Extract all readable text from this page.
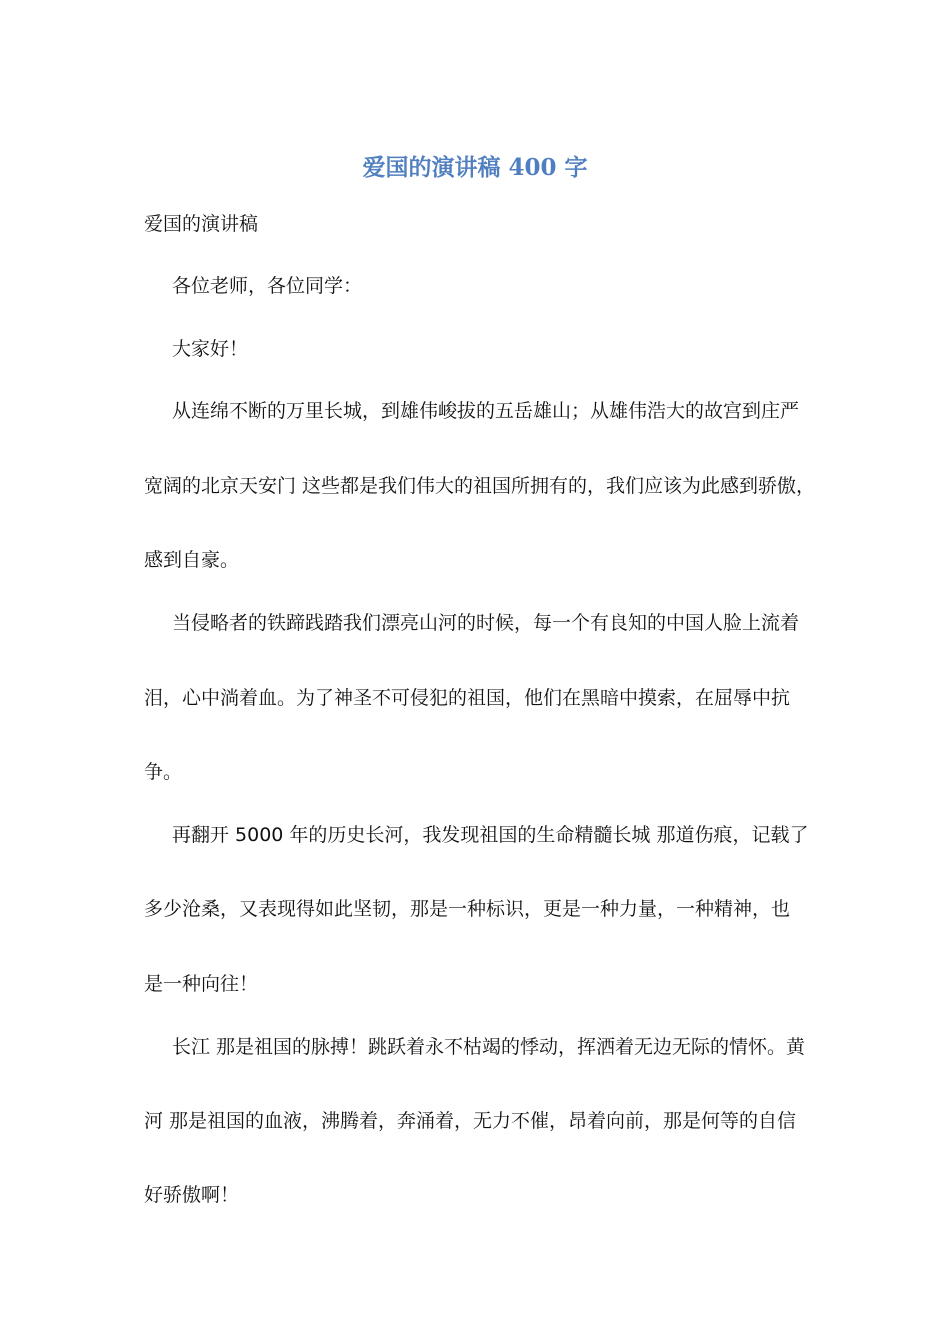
爱国的演讲稿 400 字

爱国的演讲稿

各位老师，各位同学：

大家好！

从连绵不断的万里长城，到雄伟峻拔的五岳雄山；从雄伟浩大的故宫到庄严

宽阔的北京天安门 这些都是我们伟大的祖国所拥有的，我们应该为此感到骄傲，

感到自豪。

当侵略者的铁蹄践踏我们漂亮山河的时候，每一个有良知的中国人脸上流着

泪，心中淌着血。为了神圣不可侵犯的祖国，他们在黑暗中摸索，在屈辱中抗

争。

再翻开 5000 年的历史长河，我发现祖国的生命精髓长城 那道伤痕，记载了

多少沧桑，又表现得如此坚韧，那是一种标识，更是一种力量，一种精神，也

是一种向往！

长江 那是祖国的脉搏！跳跃着永不枯竭的悸动，挥洒着无边无际的情怀。黄

河 那是祖国的血液，沸腾着，奔涌着，无力不催，昂着向前，那是何等的自信

好骄傲啊！
